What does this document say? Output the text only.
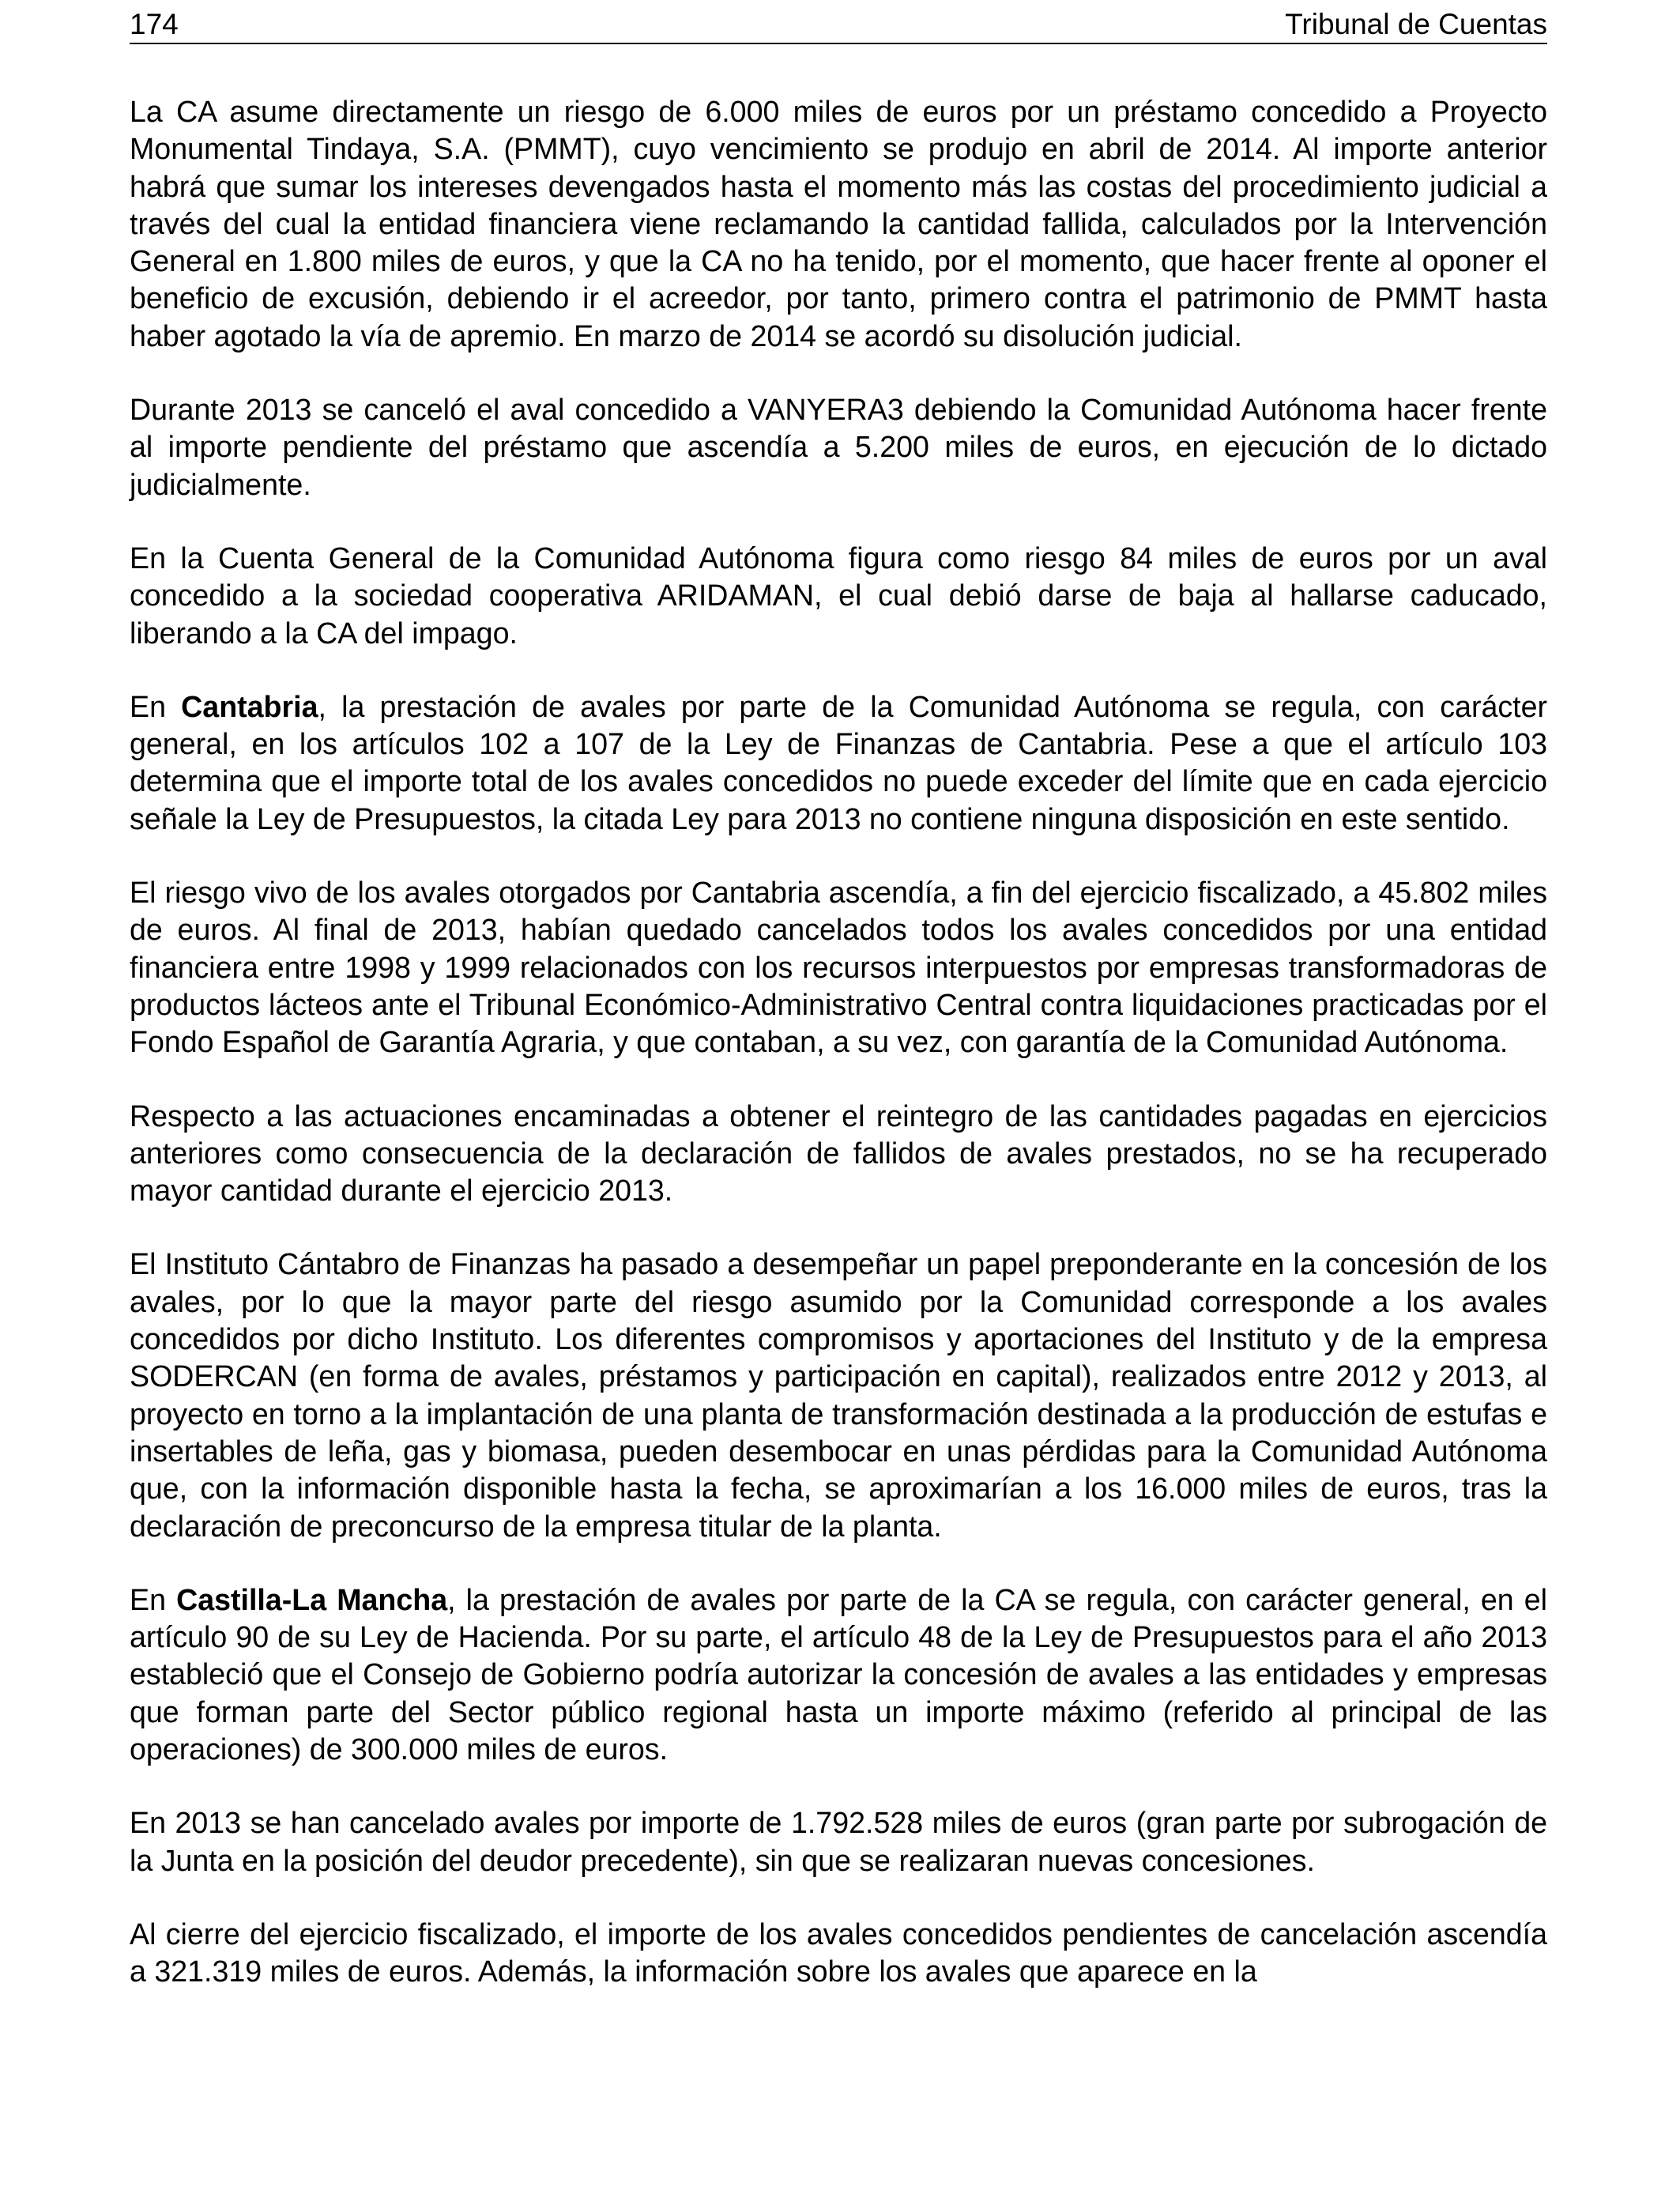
174	Tribunal de Cuentas

La CA asume directamente un riesgo de 6.000 miles de euros por un préstamo concedido a Proyecto Monumental Tindaya, S.A. (PMMT), cuyo vencimiento se produjo en abril de 2014. Al importe anterior habrá que sumar los intereses devengados hasta el momento más las costas del procedimiento judicial a través del cual la entidad financiera viene reclamando la cantidad fallida, calculados por la Intervención General en 1.800 miles de euros, y que la CA no ha tenido, por el momento, que hacer frente al oponer el beneficio de excusión, debiendo ir el acreedor, por tanto, primero contra el patrimonio de PMMT hasta haber agotado la vía de apremio. En marzo de 2014 se acordó su disolución judicial.

Durante 2013 se canceló el aval concedido a VANYERA3 debiendo la Comunidad Autónoma hacer frente al importe pendiente del préstamo que ascendía a 5.200 miles de euros, en ejecución de lo dictado judicialmente.

En la Cuenta General de la Comunidad Autónoma figura como riesgo 84 miles de euros por un aval concedido a la sociedad cooperativa ARIDAMAN, el cual debió darse de baja al hallarse caducado, liberando a la CA del impago.

En Cantabria, la prestación de avales por parte de la Comunidad Autónoma se regula, con carácter general, en los artículos 102 a 107 de la Ley de Finanzas de Cantabria. Pese a que el artículo 103 determina que el importe total de los avales concedidos no puede exceder del límite que en cada ejercicio señale la Ley de Presupuestos, la citada Ley para 2013 no contiene ninguna disposición en este sentido.

El riesgo vivo de los avales otorgados por Cantabria ascendía, a fin del ejercicio fiscalizado, a 45.802 miles de euros. Al final de 2013, habían quedado cancelados todos los avales concedidos por una entidad financiera entre 1998 y 1999 relacionados con los recursos interpuestos por empresas transformadoras de productos lácteos ante el Tribunal Económico-Administrativo Central contra liquidaciones practicadas por el Fondo Español de Garantía Agraria, y que contaban, a su vez, con garantía de la Comunidad Autónoma.

Respecto a las actuaciones encaminadas a obtener el reintegro de las cantidades pagadas en ejercicios anteriores como consecuencia de la declaración de fallidos de avales prestados, no se ha recuperado mayor cantidad durante el ejercicio 2013.

El Instituto Cántabro de Finanzas ha pasado a desempeñar un papel preponderante en la concesión de los avales, por lo que la mayor parte del riesgo asumido por la Comunidad corresponde a los avales concedidos por dicho Instituto. Los diferentes compromisos y aportaciones del Instituto y de la empresa SODERCAN (en forma de avales, préstamos y participación en capital), realizados entre 2012 y 2013, al proyecto en torno a la implantación de una planta de transformación destinada a la producción de estufas e insertables de leña, gas y biomasa, pueden desembocar en unas pérdidas para la Comunidad Autónoma que, con la información disponible hasta la fecha, se aproximarían a los 16.000 miles de euros, tras la declaración de preconcurso de la empresa titular de la planta.

En Castilla-La Mancha, la prestación de avales por parte de la CA se regula, con carácter general, en el artículo 90 de su Ley de Hacienda. Por su parte, el artículo 48 de la Ley de Presupuestos para el año 2013 estableció que el Consejo de Gobierno podría autorizar la concesión de avales a las entidades y empresas que forman parte del Sector público regional hasta un importe máximo (referido al principal de las operaciones) de 300.000 miles de euros.

En 2013 se han cancelado avales por importe de 1.792.528 miles de euros (gran parte por subrogación de la Junta en la posición del deudor precedente), sin que se realizaran nuevas concesiones.

Al cierre del ejercicio fiscalizado, el importe de los avales concedidos pendientes de cancelación ascendía a 321.319 miles de euros. Además, la información sobre los avales que aparece en la
